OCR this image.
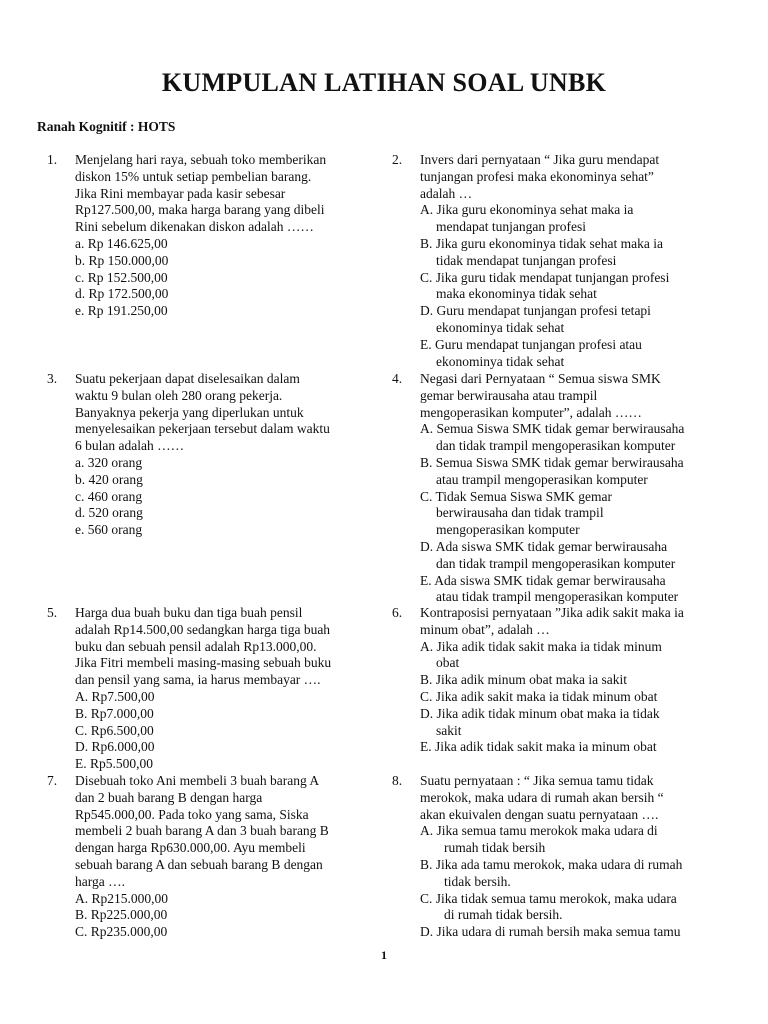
KUMPULAN LATIHAN SOAL UNBK

Ranah Kognitif : HOTS

1. Menjelang hari raya, sebuah toko memberikan
diskon 15% untuk setiap pembelian barang.
Jika Rini membayar pada kasir sebesar
Rp127.500,00, maka harga barang yang dibeli
Rini sebelum dikenakan diskon adalah ……
a. Rp 146.625,00
b. Rp 150.000,00
c. Rp 152.500,00
d. Rp 172.500,00
e. Rp 191.250,00
2. Invers dari pernyataan “ Jika guru mendapat
tunjangan profesi maka ekonominya sehat”
adalah …
A. Jika guru ekonominya sehat maka ia
mendapat tunjangan profesi
B. Jika guru ekonominya tidak sehat maka ia
tidak mendapat tunjangan profesi
C. Jika guru tidak mendapat tunjangan profesi
maka ekonominya tidak sehat
D. Guru mendapat tunjangan profesi tetapi
ekonominya tidak sehat
E. Guru mendapat tunjangan profesi atau
ekonominya tidak sehat
3. Suatu pekerjaan dapat diselesaikan dalam
waktu 9 bulan oleh 280 orang pekerja.
Banyaknya pekerja yang diperlukan untuk
menyelesaikan pekerjaan tersebut dalam waktu
6 bulan adalah ……
a. 320 orang
b. 420 orang
c. 460 orang
d. 520 orang
e. 560 orang
4. Negasi dari Pernyataan “ Semua siswa SMK
gemar berwirausaha atau trampil
mengoperasikan komputer”, adalah ……
A. Semua Siswa SMK tidak gemar berwirausaha
dan tidak trampil mengoperasikan komputer
B. Semua Siswa SMK tidak gemar berwirausaha
atau trampil mengoperasikan komputer
C. Tidak Semua Siswa SMK gemar
berwirausaha dan tidak trampil
mengoperasikan komputer
D. Ada siswa SMK tidak gemar berwirausaha
dan tidak trampil mengoperasikan komputer
E. Ada siswa SMK tidak gemar berwirausaha
atau tidak trampil mengoperasikan komputer
5. Harga dua buah buku dan tiga buah pensil
adalah Rp14.500,00 sedangkan harga tiga buah
buku dan sebuah pensil adalah Rp13.000,00.
Jika Fitri membeli masing-masing sebuah buku
dan pensil yang sama, ia harus membayar ….
A. Rp7.500,00
B. Rp7.000,00
C. Rp6.500,00
D. Rp6.000,00
E. Rp5.500,00
6. Kontraposisi pernyataan ”Jika adik sakit maka ia
minum obat”, adalah …
A. Jika adik tidak sakit maka ia tidak minum
obat
B. Jika adik minum obat maka ia sakit
C. Jika adik sakit maka ia tidak minum obat
D. Jika adik tidak minum obat maka ia tidak
sakit
E. Jika adik tidak sakit maka ia minum obat
7. Disebuah toko Ani membeli 3 buah barang A
dan 2 buah barang B dengan harga
Rp545.000,00. Pada toko yang sama, Siska
membeli 2 buah barang A dan 3 buah barang B
dengan harga Rp630.000,00. Ayu membeli
sebuah barang A dan sebuah barang B dengan
harga ….
A. Rp215.000,00
B. Rp225.000,00
C. Rp235.000,00
8. Suatu pernyataan : “ Jika semua tamu tidak
merokok, maka udara di rumah akan bersih “
akan ekuivalen dengan suatu pernyataan ….
A. Jika semua tamu merokok maka udara di
rumah tidak bersih
B. Jika ada tamu merokok, maka udara di rumah
tidak bersih.
C. Jika tidak semua tamu merokok, maka udara
di rumah tidak bersih.
D. Jika udara di rumah bersih maka semua tamu
1
